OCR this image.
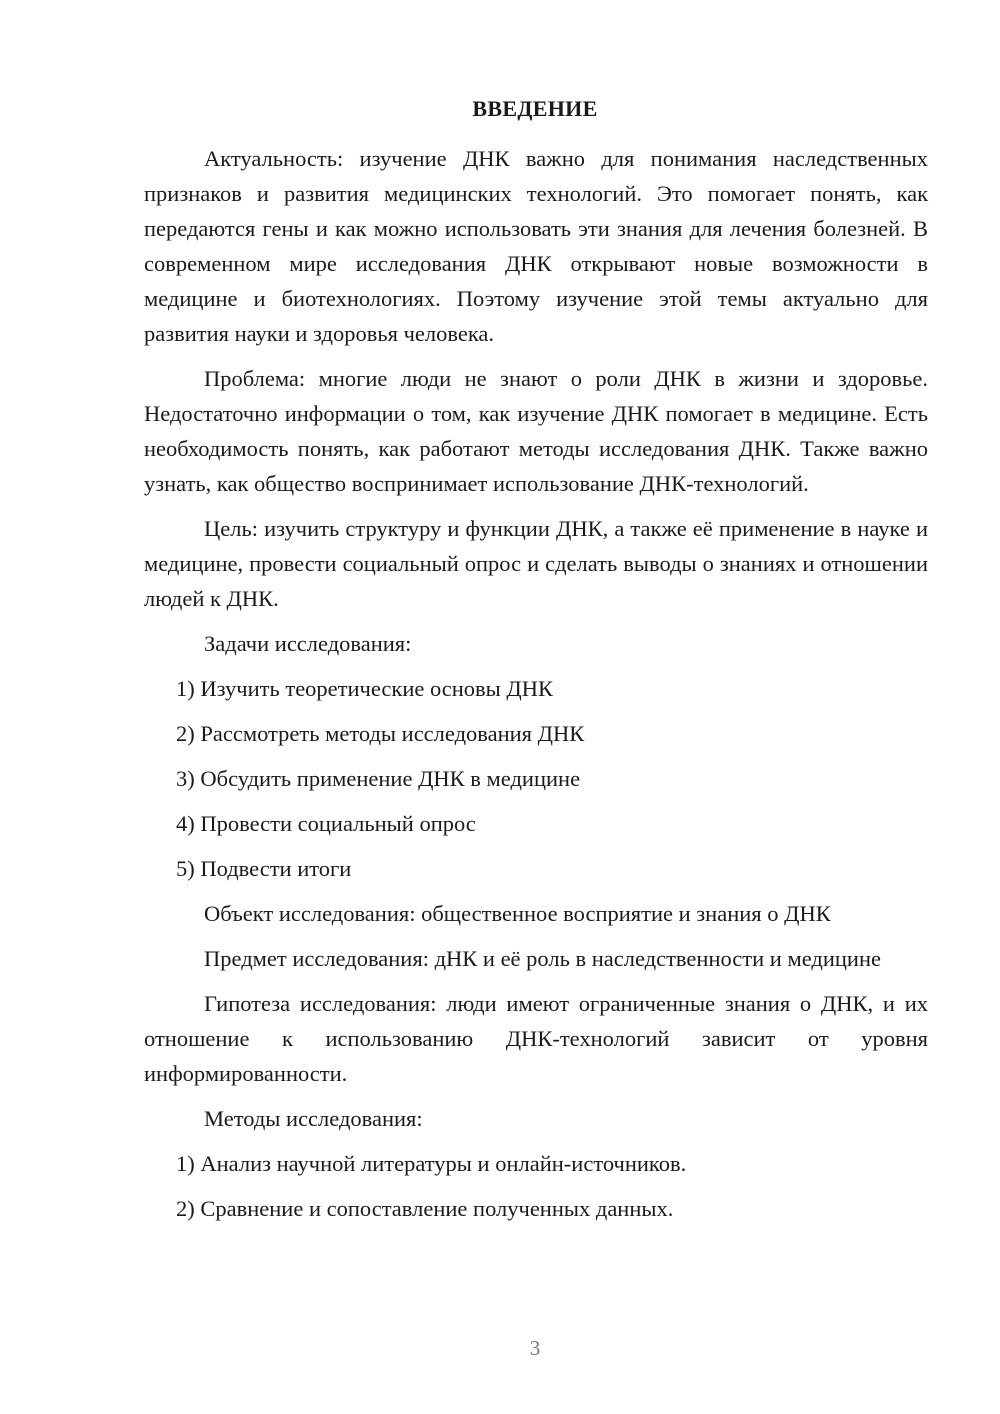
ВВЕДЕНИЕ

Актуальность: изучение ДНК важно для понимания наследственных признаков и развития медицинских технологий. Это помогает понять, как передаются гены и как можно использовать эти знания для лечения болезней. В современном мире исследования ДНК открывают новые возможности в медицине и биотехнологиях. Поэтому изучение этой темы актуально для развития науки и здоровья человека.

Проблема: многие люди не знают о роли ДНК в жизни и здоровье. Недостаточно информации о том, как изучение ДНК помогает в медицине. Есть необходимость понять, как работают методы исследования ДНК. Также важно узнать, как общество воспринимает использование ДНК-технологий.

Цель: изучить структуру и функции ДНК, а также её применение в науке и медицине, провести социальный опрос и сделать выводы о знаниях и отношении людей к ДНК.

Задачи исследования:

1) Изучить теоретические основы ДНК

2) Рассмотреть методы исследования ДНК

3) Обсудить применение ДНК в медицине

4) Провести социальный опрос

5) Подвести итоги

Объект исследования: общественное восприятие и знания о ДНК

Предмет исследования: дНК и её роль в наследственности и медицине

Гипотеза исследования: люди имеют ограниченные знания о ДНК, и их отношение к использованию ДНК-технологий зависит от уровня информированности.

Методы исследования:

1) Анализ научной литературы и онлайн-источников.

2) Сравнение и сопоставление полученных данных.

3
